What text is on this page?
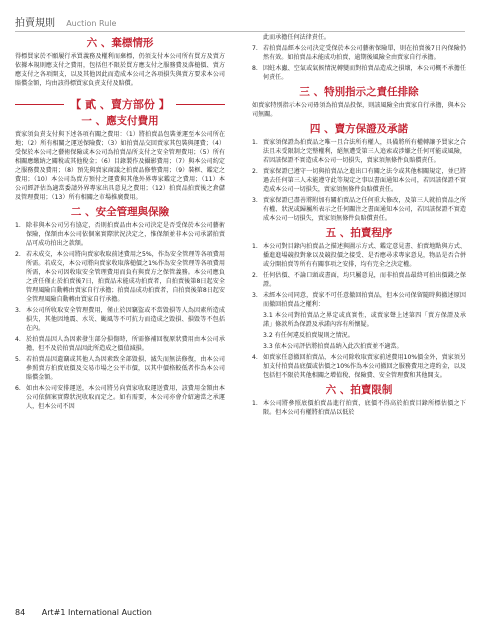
拍賣規則 Auction Rule
六 、棄標情形

得標買家於不願履行承買義務及權利而棄標，仍須支付本公司所有買方及賣方依據本規則應支付之費用，包括但不限於買方應支付之服務費及落槌價、賣方應支付之各項開支，以及其他因此而造成本公司之各項損失與賣方要求本公司賠償金額，均由該得標買家負責支付及賠償。

【 貳 、賣方部份 】
一 、應支付費用

賣家須負責支付與下述各項有關之費用：（1）將拍賣品包裝並運至本公司所在地；（2）所有相關之運送保險費；（3）如拍賣品交回賣家其包裝與運費；（4）受保於本公司之藝術保險或本公司為拍賣品所支付之安全管理費用；（5）所有相關應繳納之關稅或其他稅金；（6）目錄製作及攝影費用；（7）與本公司約定之服務費及費用；（8）預先與賣家商議之拍賣品修整費用；（9）裝框、鑑定之費用；（10）本公司為賣方預付之運費與其他外界專家鑑定之費用；（11）本公司經評估為適當委請外界專家出具意見之費用；（12）拍賣品拍賣後之倉儲及管理費用；（13）所有相關之市場推廣費用。

二 、安全管理與保險
1. 除非與本公司另有協定，否則拍賣品由本公司決定是否受保於本公司藝術保險，保額由本公司依個案實際狀況決定之，惟保額並非本公司承諾拍賣品可成功拍出之款額。
2. 若未成交，本公司將向賣家收取前述費用之5%，作為安全管理等各項費用所需。若成交，本公司將向賣家收取落槌價之1%作為安全管理等各項費用所需，本公司因收取安全管理費用而負有與賣方之保管義務。本公司應負之責任僅止於拍賣後7日，拍賣品未能成功拍賣者，自拍賣後第8日起安全管理風險自動轉由賣家自行承擔；拍賣品成功拍賣者，自拍賣後第8日起安全管理風險自動轉由買家自行承擔。
3. 本公司所收取安全管理費用，僅止於因竊盜或不當毀損等人為因素所造成損失，其他因地震、水災、颱風等不可抗力而造成之毀損、損毀等不包括在內。
4. 於拍賣品因人為因素發生部分損傷時，所需修補回復原狀費用由本公司承擔，但不及於拍賣品因此所造成之價值減損。
5. 若拍賣品因遺竊或其他人為因素致全部毀損、滅失而無法修復，由本公司參照賣方拍賣底價及交易市場之公平市價，以其中價格較低者作為本公司賠償金額。
6. 如由本公司安排運送，本公司將另向賣家收取運送費用，該費用金額由本公司依個案實際狀況收取而定之。如有需要，本公司亦會介紹適當之承運人，但本公司不因

此而承擔任何法律責任。

7. 若拍賣品經本公司決定受保於本公司藝術保險單，則在拍賣後7日內保險仍然有效。如拍賣品未能成功拍賣，逾期後風險全由賣家自行承擔。
8. 因蛀木蟲、空氣或氣候情況轉變而對拍賣品造成之損壞，本公司概不承擔任何責任。
三 、特別指示之責任排除

如賣家特別指示本公司毋須為拍賣品投保，則該風險全由賣家自行承擔，與本公司無關。

四 、賣方保證及承諾
1. 賣家須保證為拍賣品之唯一且合法所有權人，具備將所有權轉讓予買家之合法且未受限制之完整權利，絕無遭受第三人追索或涉嫌之任何可能或風險，若因該保證不實造成本公司一切損失，賣家須無條件負賠償責任。
2. 賣家保證已遵守一切與拍賣品之進出口有關之法令或其他相關規定，並已將過去任何第三人未能遵守此等規定之事以書面通知本公司，若因該保證不實造成本公司一切損失，賣家須無條件負賠償責任。
3. 賣家保證已盡善將附加有關拍賣品之任何重大修改，及第三人就拍賣品之所有權、狀況或歸屬所表示之任何關注之書面通知本公司，若因該保證不實造成本公司一切損失，賣家須無條件負賠償責任。
五 、拍賣程序
1. 本公司對目錄內拍賣品之描述與圖示方式、鑑定意見書、拍賣地點與方式、播進進場競投對象以及競投價之接受、是否應尋求專家意見，物品是否合併或分開拍賣等所有有關事項之安排，均有完全之決定權。
2. 任何估價、不論口頭或書面，均只屬意見，而非拍賣品最終可拍出價錢之保證。
3. 未經本公司同意，賣家不可任意撤回拍賣品，但本公司保留隨時與撤述原因而撤回拍賣品之權利：
3.1 本公司對拍賣品之界定或真實性，或賣家聲上述第四「賣方保證及承諾」條款所為保證及承諾內容有所懷疑。
3.2 有任何違反拍賣規則之情況。
3.3 依本公司評估將拍賣品納入此次拍賣並不適當。
4. 如賣家任意撤回拍賣品，本公司除收取賣家前述費用10%價金外，賣家須另加支付拍賣品底價或估價之10%作為本公司撤回之服務費用之違約金，以及包括但不限於其他相關之增值稅、保險費、安全管理費和其他開支。
六 、拍賣限制
1. 本公司將參照底價拍賣品進行拍賣，底價不得高於拍賣目錄所標估價之下限。但本公司有權將拍賣品以低於
84 Art#1 International Auction
